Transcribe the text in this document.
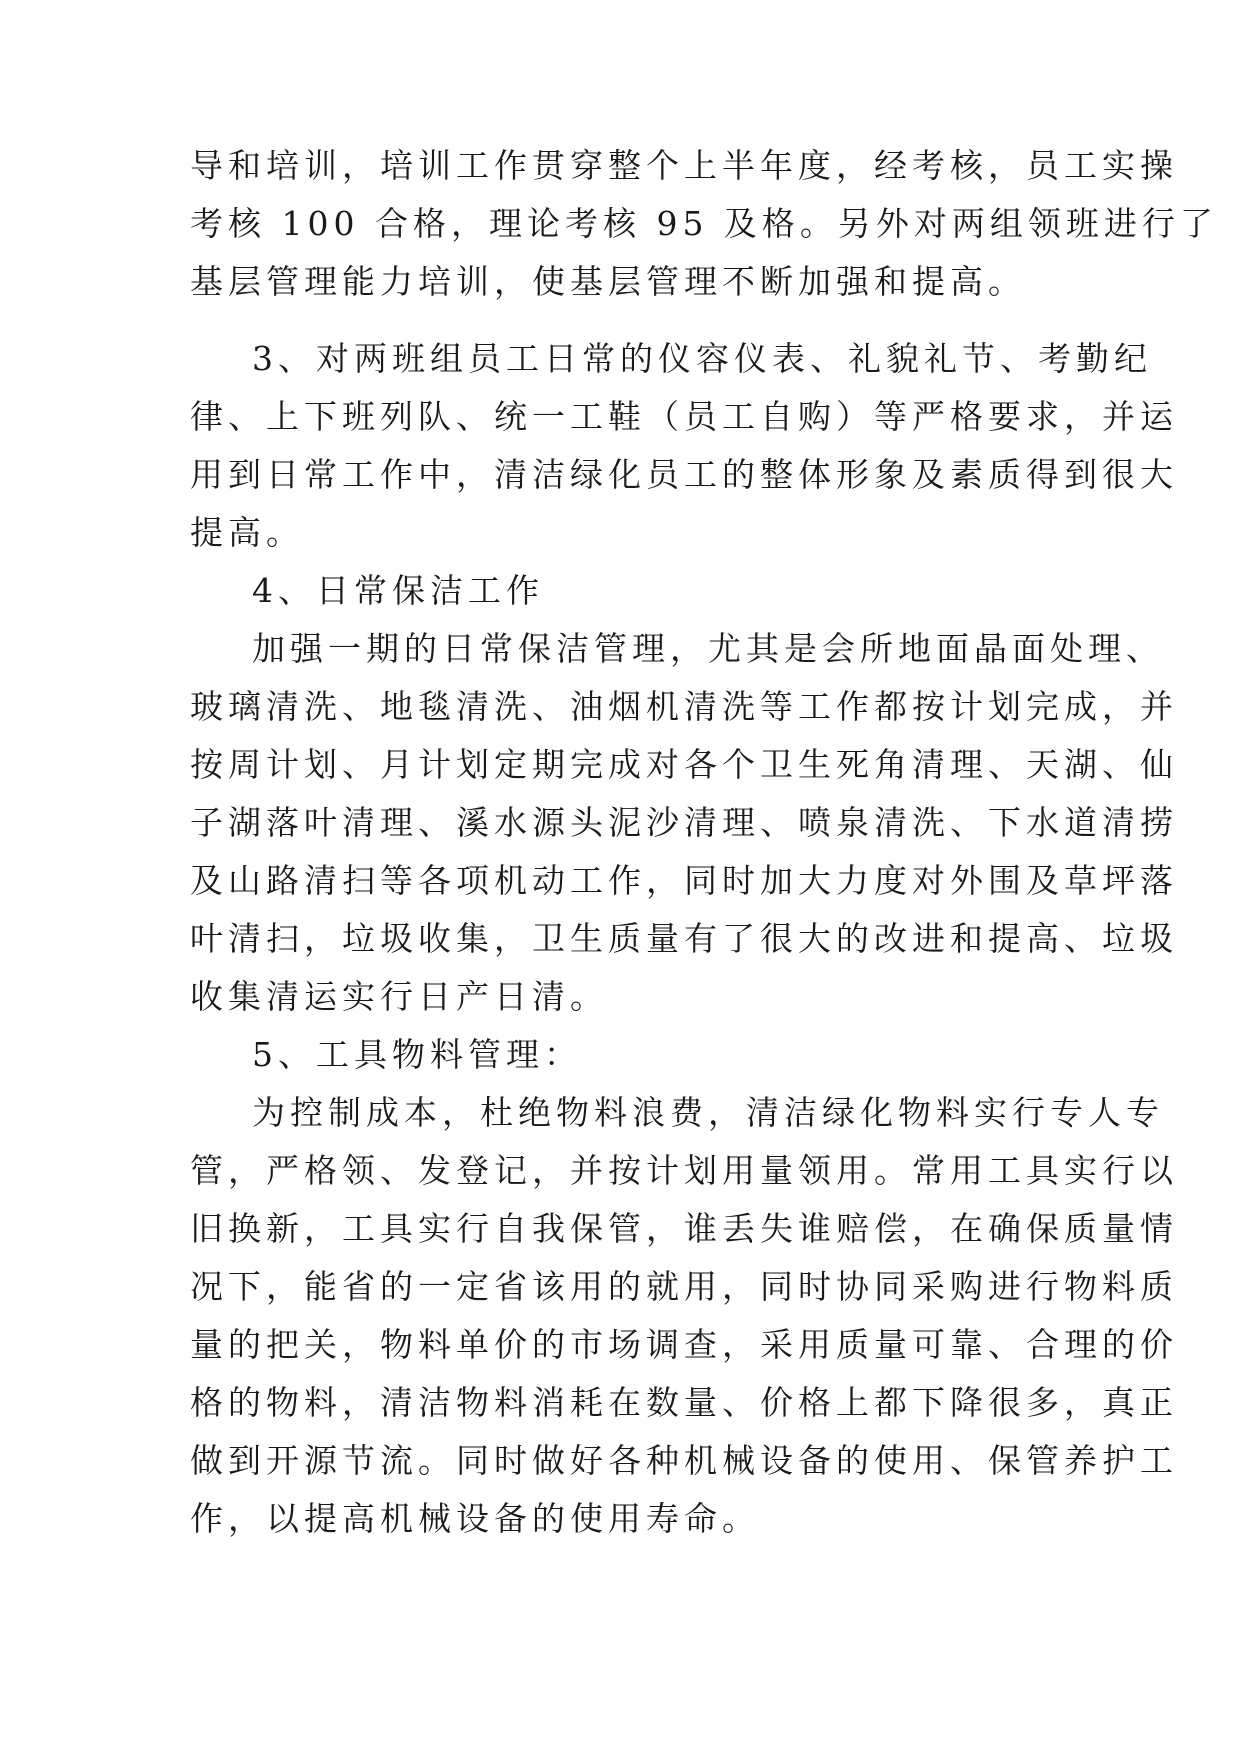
导和培训，培训工作贯穿整个上半年度，经考核，员工实操
考核 100 合格，理论考核 95 及格。另外对两组领班进行了
基层管理能力培训，使基层管理不断加强和提高。
3、对两班组员工日常的仪容仪表、礼貌礼节、考勤纪
律、上下班列队、统一工鞋（员工自购）等严格要求，并运
用到日常工作中，清洁绿化员工的整体形象及素质得到很大
提高。
4、日常保洁工作
加强一期的日常保洁管理，尤其是会所地面晶面处理、
玻璃清洗、地毯清洗、油烟机清洗等工作都按计划完成，并
按周计划、月计划定期完成对各个卫生死角清理、天湖、仙
子湖落叶清理、溪水源头泥沙清理、喷泉清洗、下水道清捞
及山路清扫等各项机动工作，同时加大力度对外围及草坪落
叶清扫，垃圾收集，卫生质量有了很大的改进和提高、垃圾
收集清运实行日产日清。
5、工具物料管理：
为控制成本，杜绝物料浪费，清洁绿化物料实行专人专
管，严格领、发登记，并按计划用量领用。常用工具实行以
旧换新，工具实行自我保管，谁丢失谁赔偿，在确保质量情
况下，能省的一定省该用的就用，同时协同采购进行物料质
量的把关，物料单价的市场调查，采用质量可靠、合理的价
格的物料，清洁物料消耗在数量、价格上都下降很多，真正
做到开源节流。同时做好各种机械设备的使用、保管养护工
作，以提高机械设备的使用寿命。
